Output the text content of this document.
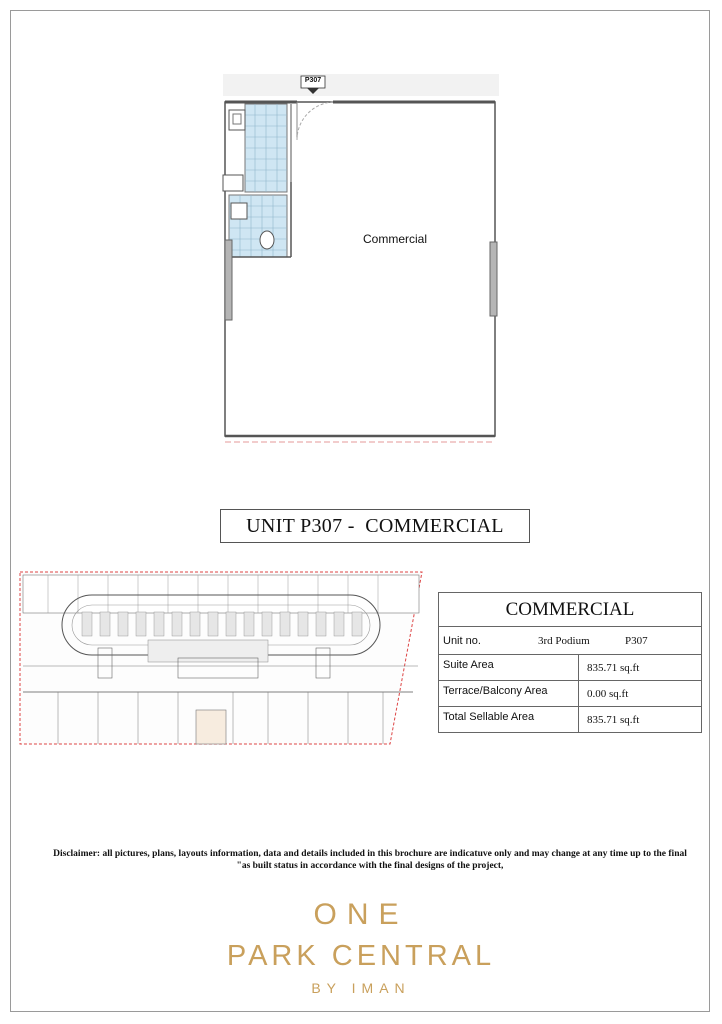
P307
Commercial
UNIT P307 -  COMMERCIAL
COMMERCIAL
Unit no.	3rd Podium	P307
Suite Area	835.71 sq.ft
Terrace/Balcony Area	0.00 sq.ft
Total Sellable Area	835.71 sq.ft
Disclaimer: all pictures, plans, layouts information, data and details included in this brochure are indicatuve only and may change at any time up to the final
"as built status in accordance with the final designs of the project,
ONE
PARK CENTRAL
BY IMAN
